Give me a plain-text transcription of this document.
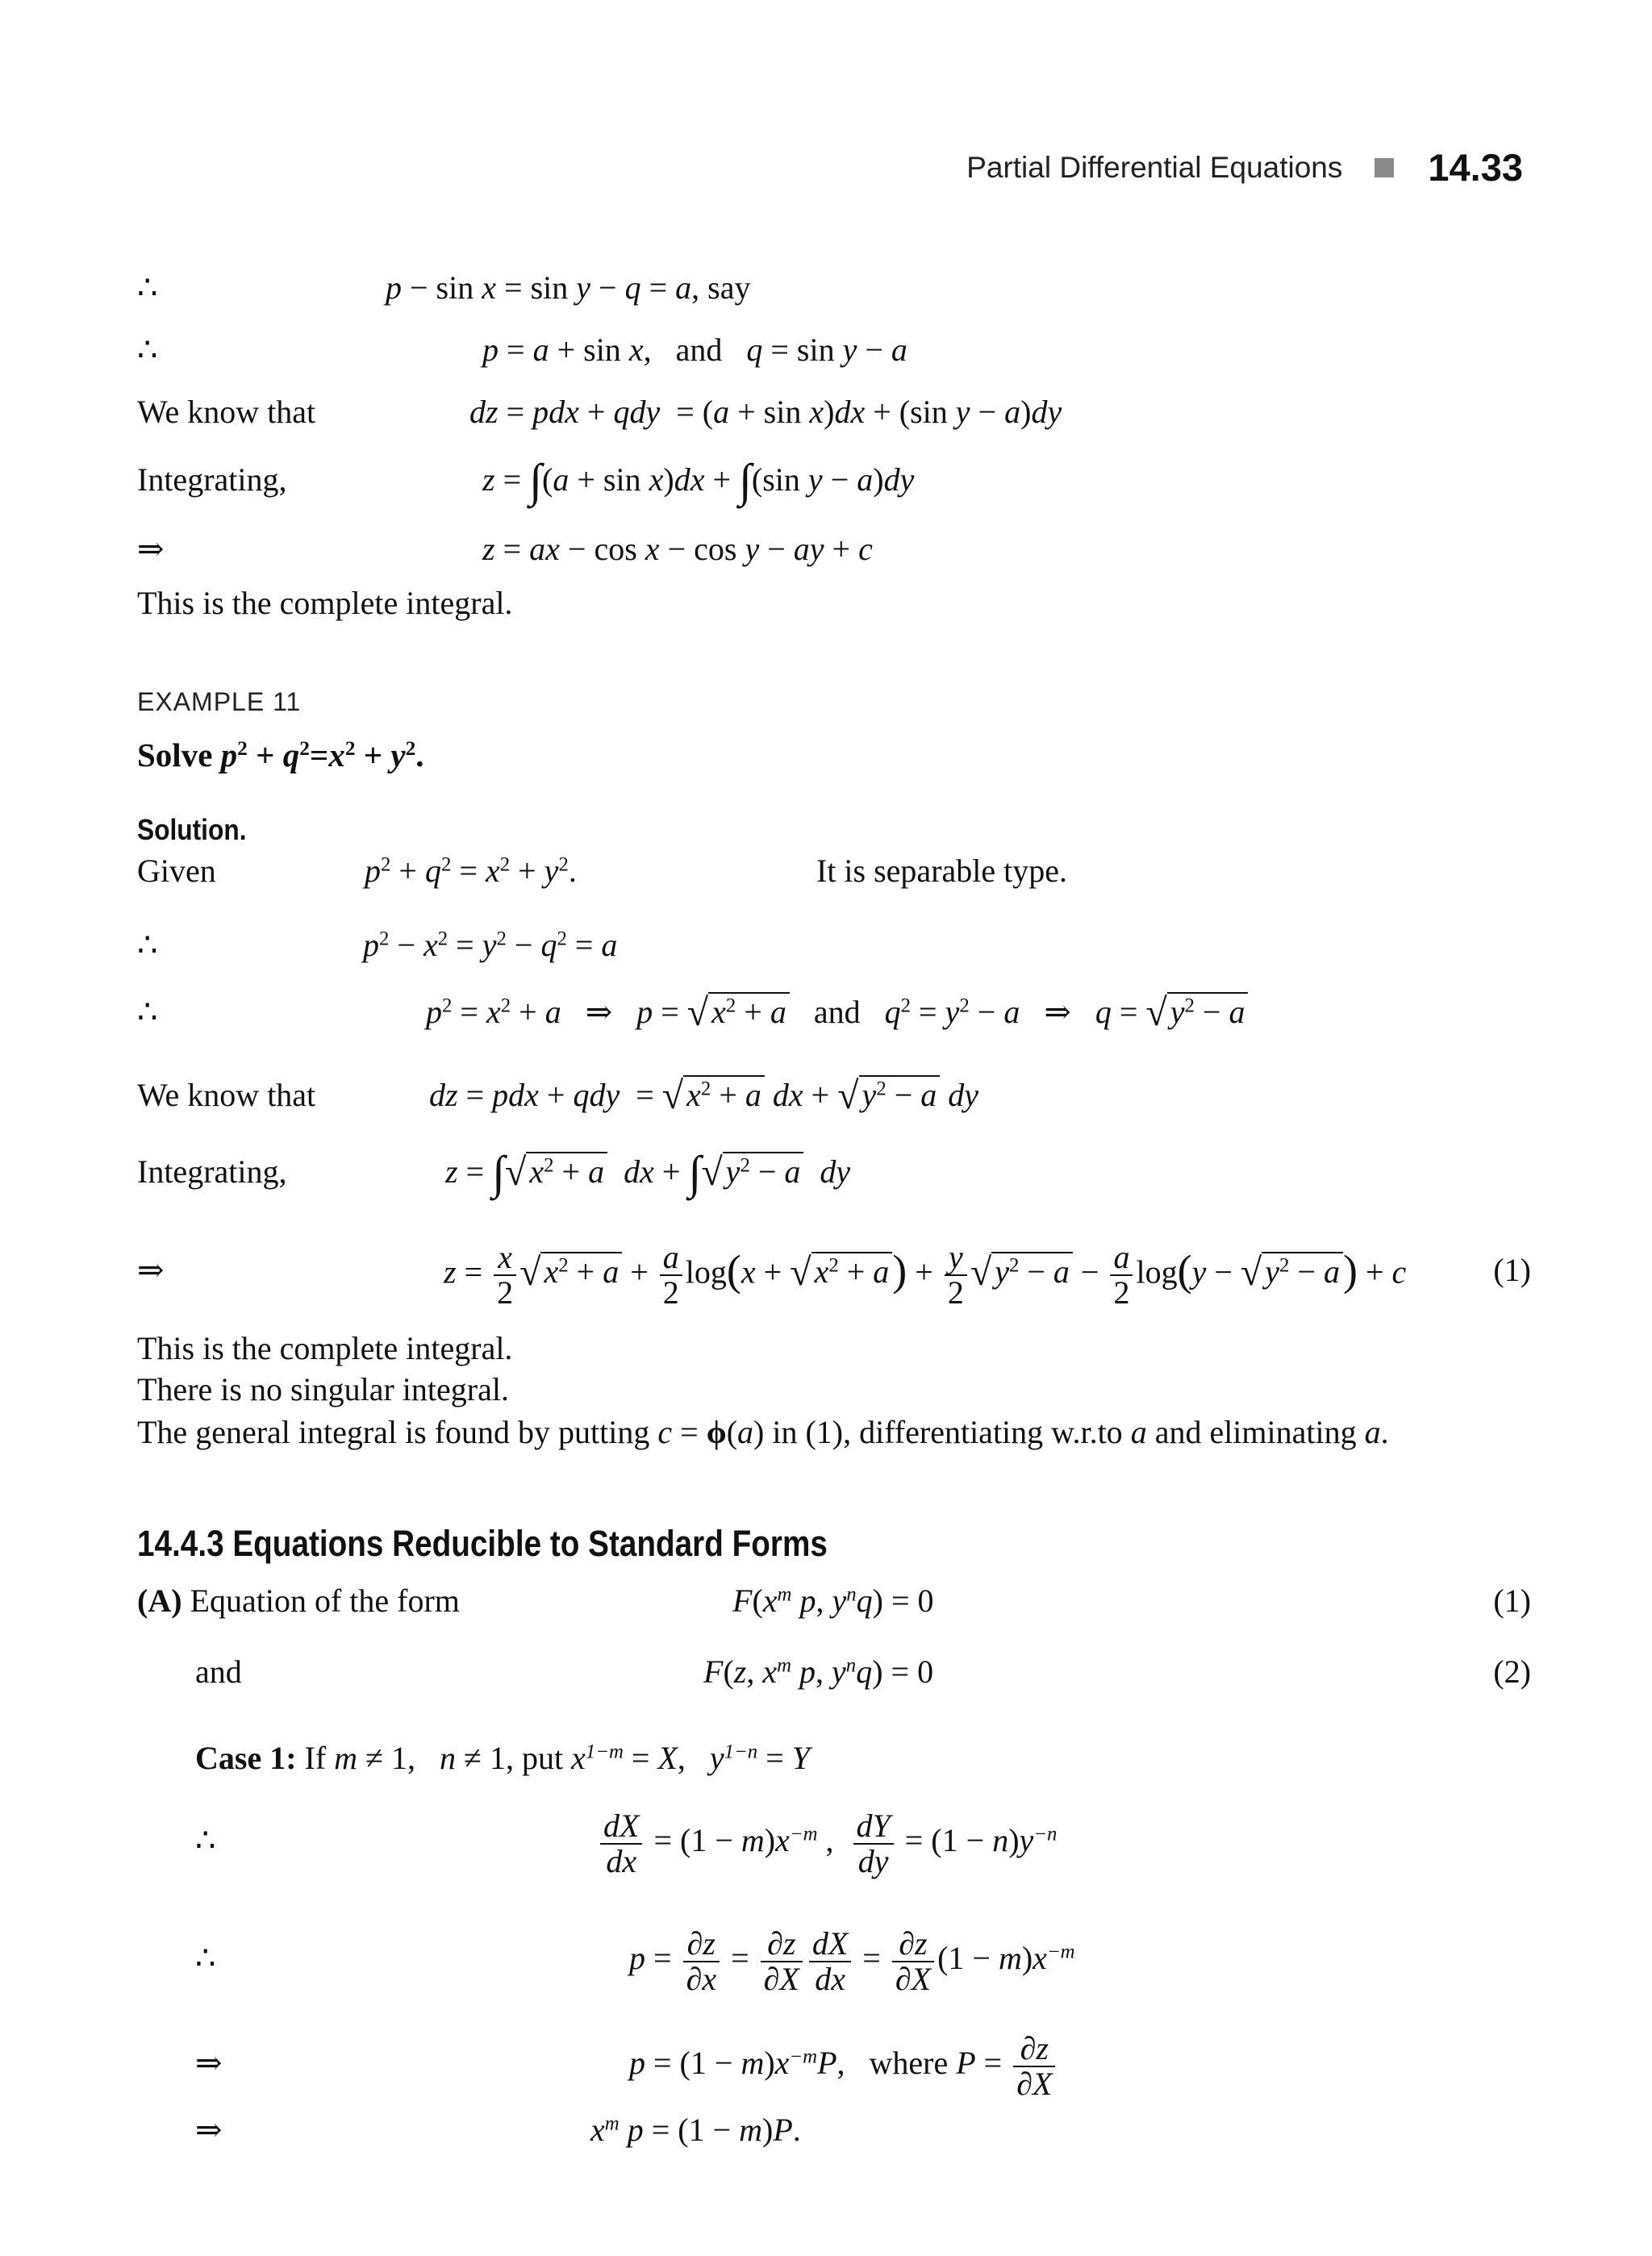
Partial Differential Equations 14.33
∴	p − sin x = sin y − q = a, say
∴	p = a + sin x,   and   q = sin y − a
We know that	dz = pdx + qdy  = (a + sin x)dx + (sin y − a)dy
Integrating,	z = ∫(a + sin x)dx + ∫(sin y − a)dy
⇒	z = ax − cos x − cos y − ay + c
This is the complete integral.
EXAMPLE 11
Solve $p^2 + q^2=x^2 + y^2$.
Solution.
Given	$p^2 + q^2 = x^2 + y^2$.	It is separable type.
∴	$p^2 - x^2 = y^2 - q^2 = a$
∴	$p^2 = x^2 + a$   ⇒   p = √ $x^2 + a$   and   $q^2 = y^2 - a$   ⇒   q = √ $y^2 - a$
We know that	dz = pdx + qdy  = √ $x^2 + a$ dx + √ $y^2 - a$ dy
Integrating,	z = ∫√ $x^2 + a$ dx + ∫√ $y^2 - a$ dy
⇒	$z = \frac{x}{2}$ √ $x^2 + a + \frac{a}{2} \log(x$ + √ $x^2 + a) + \frac{y}{2}$ √ $y^2 - a - \frac{a}{2} \log(y$ − √ $y^2 - a) + c$	(1)
This is the complete integral.
There is no singular integral.
The general integral is found by putting c = ϕ(a) in (1), differentiating w.r.to a and eliminating a.
14.4.3 Equations Reducible to Standard Forms
(A) Equation of the form	$F(x^m$ p, $y^nq) = 0$	(1)
and	F(z, $x^m$ p, $y^nq) = 0$	(2)
Case 1: If m ≠ 1,   n ≠ 1, put $x^{1-m} = X$,   $y^{1-n} = Y$
∴	$\frac{dX}{dx} = (1 - m)x^{-m}$ , $\frac{dY}{dy} = (1 - n)y^{-n}$
∴	$p = \frac{\partial z}{\partial x} = \frac{\partial z}{\partial X} \frac{dX}{dx} = \frac{\partial z}{\partial X} (1 - m)x^{-m}$
⇒	$p = (1 - m)x^{-m}P$,   where $P = \frac{\partial z}{\partial X}$
⇒	$x^m$ p = (1 − m)P.
